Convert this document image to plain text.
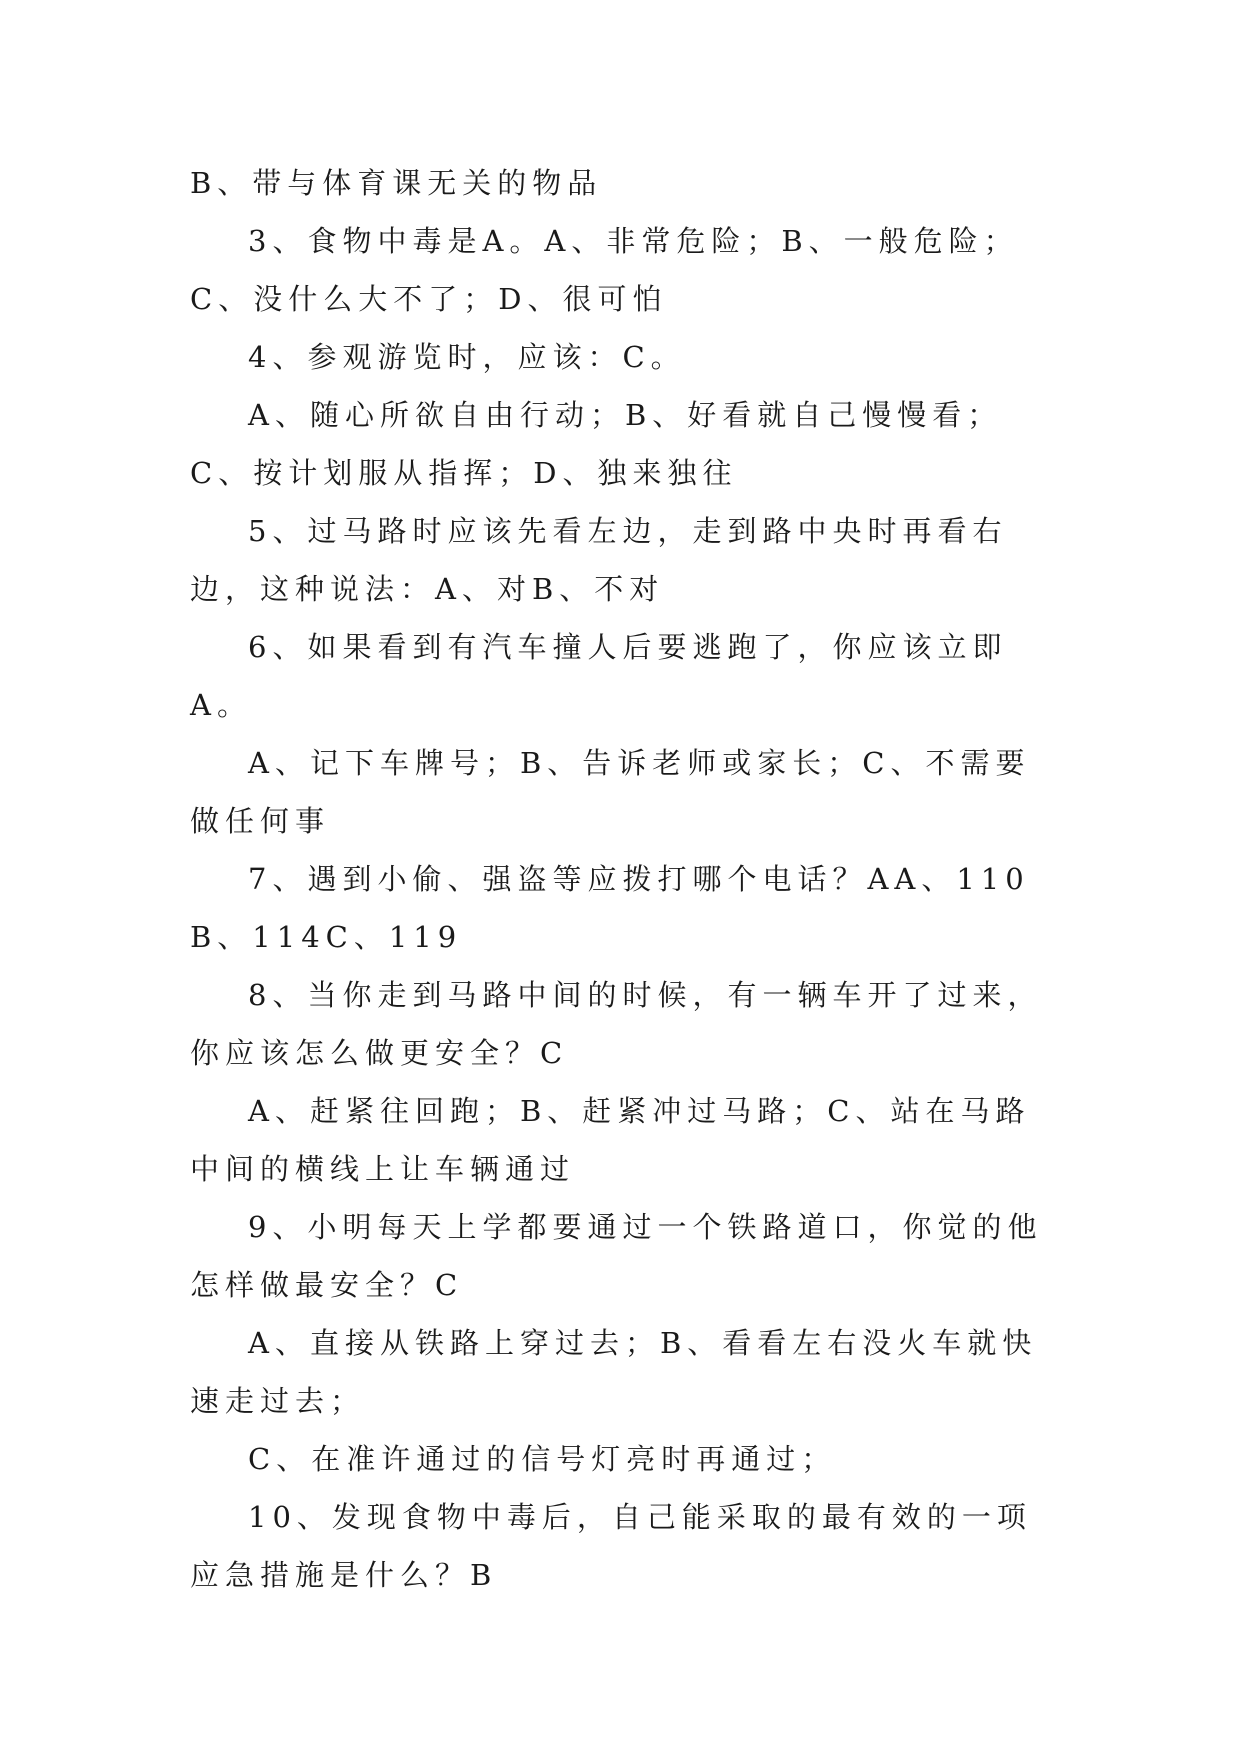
B、带与体育课无关的物品

3、食物中毒是A。A、非常危险；B、一般危险；C、没什么大不了；D、很可怕

4、参观游览时，应该：C。

A、随心所欲自由行动；B、好看就自己慢慢看；C、按计划服从指挥；D、独来独往

5、过马路时应该先看左边，走到路中央时再看右边，这种说法：A、对B、不对

6、如果看到有汽车撞人后要逃跑了，你应该立即A。

A、记下车牌号；B、告诉老师或家长；C、不需要做任何事

7、遇到小偷、强盗等应拨打哪个电话？AA、110B、114C、119

8、当你走到马路中间的时候，有一辆车开了过来，你应该怎么做更安全？C

A、赶紧往回跑；B、赶紧冲过马路；C、站在马路中间的横线上让车辆通过

9、小明每天上学都要通过一个铁路道口，你觉的他怎样做最安全？C

A、直接从铁路上穿过去；B、看看左右没火车就快速走过去；

C、在准许通过的信号灯亮时再通过；

10、发现食物中毒后，自己能采取的最有效的一项应急措施是什么？B
